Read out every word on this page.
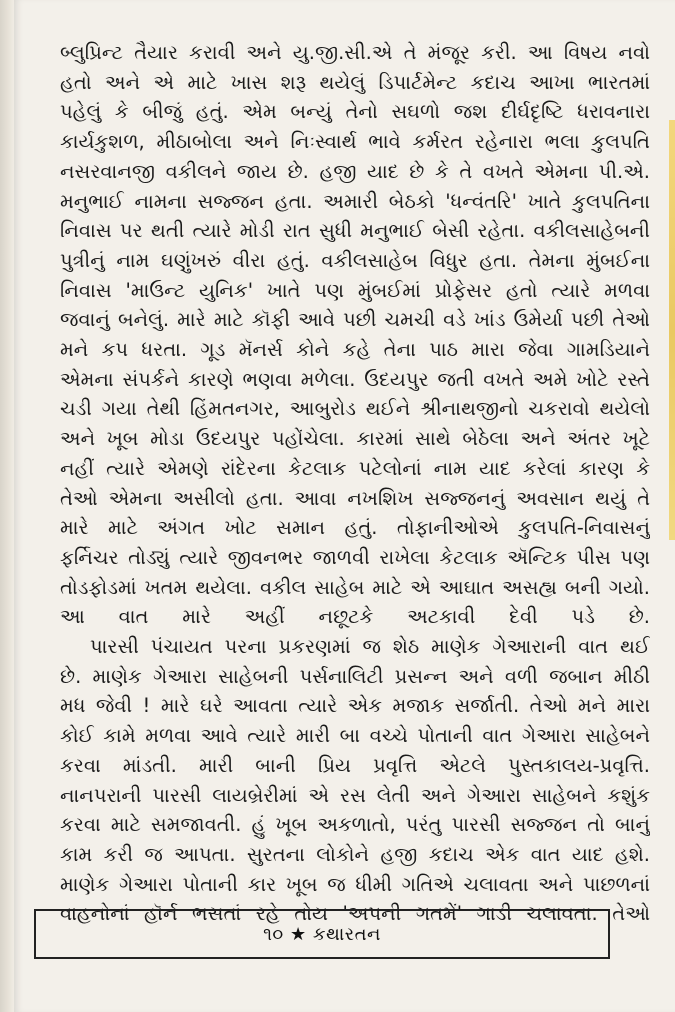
બ્લુપ્રિન્ટ તૈયાર કરાવી અને યુ.જી.સી.એ તે મંજૂર કરી. આ વિષય નવો
હતો અને એ માટે ખાસ શરૂ થયેલું ડિપાર્ટમેન્ટ કદાચ આખા ભારતમાં
પહેલું કે બીજું હતું. એમ બન્યું તેનો સઘળો જશ દીર્ઘદૃષ્ટિ ધરાવનારા
કાર્યકુશળ, મીઠાબોલા અને નિઃસ્વાર્થ ભાવે કર્મરત રહેનારા ભલા કુલપતિ
નસરવાનજી વકીલને જાય છે. હજી યાદ છે કે તે વખતે એમના પી.એ.
મનુભાઈ નામના સજ્જન હતા. અમારી બેઠકો 'ધન્વંતરિ' ખાતે કુલપતિના
નિવાસ પર થતી ત્યારે મોડી રાત સુધી મનુભાઈ બેસી રહેતા. વકીલસાહેબની
પુત્રીનું નામ ઘણુંખરું વીરા હતું. વકીલસાહેબ વિધુર હતા. તેમના મુંબઈના
નિવાસ 'માઉન્ટ યુનિક' ખાતે પણ મુંબઈમાં પ્રોફેસર હતો ત્યારે મળવા
જવાનું બનેલું. મારે માટે કૉફી આવે પછી ચમચી વડે ખાંડ ઉમેર્યા પછી તેઓ
મને કપ ધરતા. ગૂડ મૅનર્સ કોને કહે તેના પાઠ મારા જેવા ગામડિયાને
એમના સંપર્કને કારણે ભણવા મળેલા. ઉદયપુર જતી વખતે અમે ખોટે રસ્તે
ચડી ગયા તેથી હિંમતનગર, આબુરોડ થઈને શ્રીનાથજીનો ચકરાવો થયેલો
અને ખૂબ મોડા ઉદયપુર પહોંચેલા. કારમાં સાથે બેઠેલા અને અંતર ખૂટે
નહીં ત્યારે એમણે રાંદેરના કેટલાક પટેલોનાં નામ યાદ કરેલાં કારણ કે
તેઓ એમના અસીલો હતા. આવા નખશિખ સજ્જનનું અવસાન થયું તે
મારે માટે અંગત ખોટ સમાન હતું. તોફાનીઓએ કુલપતિ-નિવાસનું
ફર્નિચર તોડ્યું ત્યારે જીવનભર જાળવી રાખેલા કેટલાક ઍન્ટિક પીસ પણ
તોડફોડમાં ખતમ થયેલા. વકીલ સાહેબ માટે એ આઘાત અસહ્ય બની ગયો.
આ વાત મારે અહીં નછૂટકે અટકાવી દેવી પડે છે.
પારસી પંચાયત પરના પ્રકરણમાં જ શેઠ માણેક ગેઆરાની વાત થઈ
છે. માણેક ગેઆરા સાહેબની પર્સનાલિટી પ્રસન્ન અને વળી જબાન મીઠી
મધ જેવી ! મારે ઘરે આવતા ત્યારે એક મજાક સર્જાતી. તેઓ મને મારા
કોઈ કામે મળવા આવે ત્યારે મારી બા વચ્ચે પોતાની વાત ગેઆરા સાહેબને
કરવા માંડતી. મારી બાની પ્રિય પ્રવૃત્તિ એટલે પુસ્તકાલય-પ્રવૃત્તિ.
નાનપરાની પારસી લાયબ્રેરીમાં એ રસ લેતી અને ગેઆરા સાહેબને કશુંક
કરવા માટે સમજાવતી. હું ખૂબ અકળાતો, પરંતુ પારસી સજ્જન તો બાનું
કામ કરી જ આપતા. સુરતના લોકોને હજી કદાચ એક વાત યાદ હશે.
માણેક ગેઆરા પોતાની કાર ખૂબ જ ધીમી ગતિએ ચલાવતા અને પાછળનાં
વાહનોનાં હૉર્ન ભસતાં રહે તોય 'અપની ગતમેં' ગાડી ચલાવતા. તેઓ
૧૦ ★ કથારતન
